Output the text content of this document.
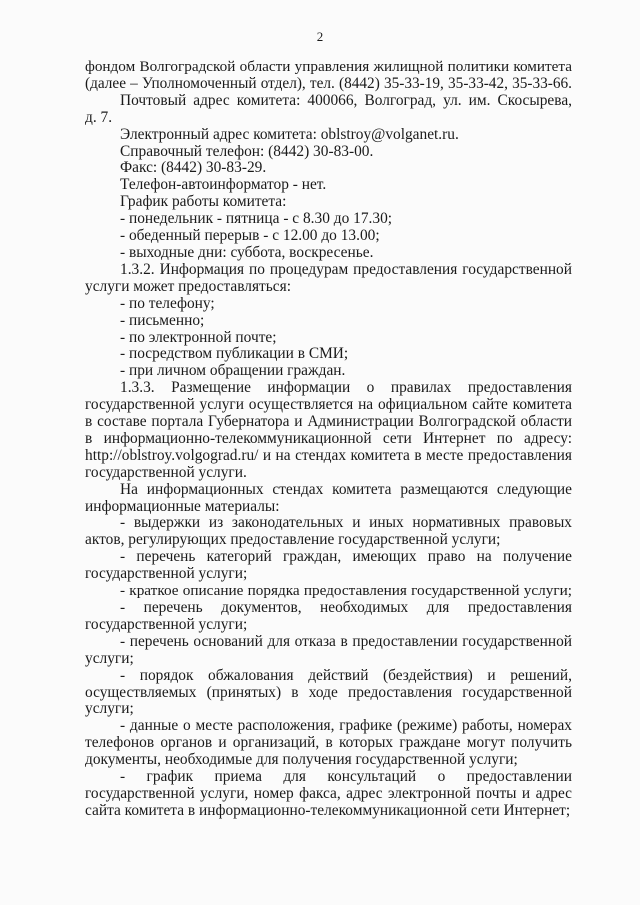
2

фондом Волгоградской области управления жилищной политики комитета

(далее – Уполномоченный отдел), тел. (8442) 35-33-19, 35-33-42, 35-33-66.

Почтовый адрес комитета: 400066, Волгоград, ул. им. Скосырева,

д. 7.

Электронный адрес комитета: oblstroy@volganet.ru.

Справочный телефон: (8442) 30-83-00.

Факс: (8442) 30-83-29.

Телефон-автоинформатор - нет.

График работы комитета:

- понедельник - пятница - с 8.30 до 17.30;

- обеденный перерыв - с 12.00 до 13.00;

- выходные дни: суббота, воскресенье.

1.3.2. Информация по процедурам предоставления государственной

услуги может предоставляться:

- по телефону;

- письменно;

- по электронной почте;

- посредством публикации в СМИ;

- при личном обращении граждан.

1.3.3. Размещение информации о правилах предоставления

государственной услуги осуществляется на официальном сайте комитета

в составе портала Губернатора и Администрации Волгоградской области

в информационно-телекоммуникационной сети Интернет по адресу:

http://oblstroy.volgograd.ru/ и на стендах комитета в месте предоставления

государственной услуги.

На информационных стендах комитета размещаются следующие

информационные материалы:

- выдержки из законодательных и иных нормативных правовых

актов, регулирующих предоставление государственной услуги;

- перечень категорий граждан, имеющих право на получение

государственной услуги;

- краткое описание порядка предоставления государственной услуги;

- перечень документов, необходимых для предоставления

государственной услуги;

- перечень оснований для отказа в предоставлении государственной

услуги;

- порядок обжалования действий (бездействия) и решений,

осуществляемых (принятых) в ходе предоставления государственной

услуги;

- данные о месте расположения, графике (режиме) работы, номерах

телефонов органов и организаций, в которых граждане могут получить

документы, необходимые для получения государственной услуги;

- график приема для консультаций о предоставлении

государственной услуги, номер факса, адрес электронной почты и адрес

сайта комитета в информационно-телекоммуникационной сети Интернет;
